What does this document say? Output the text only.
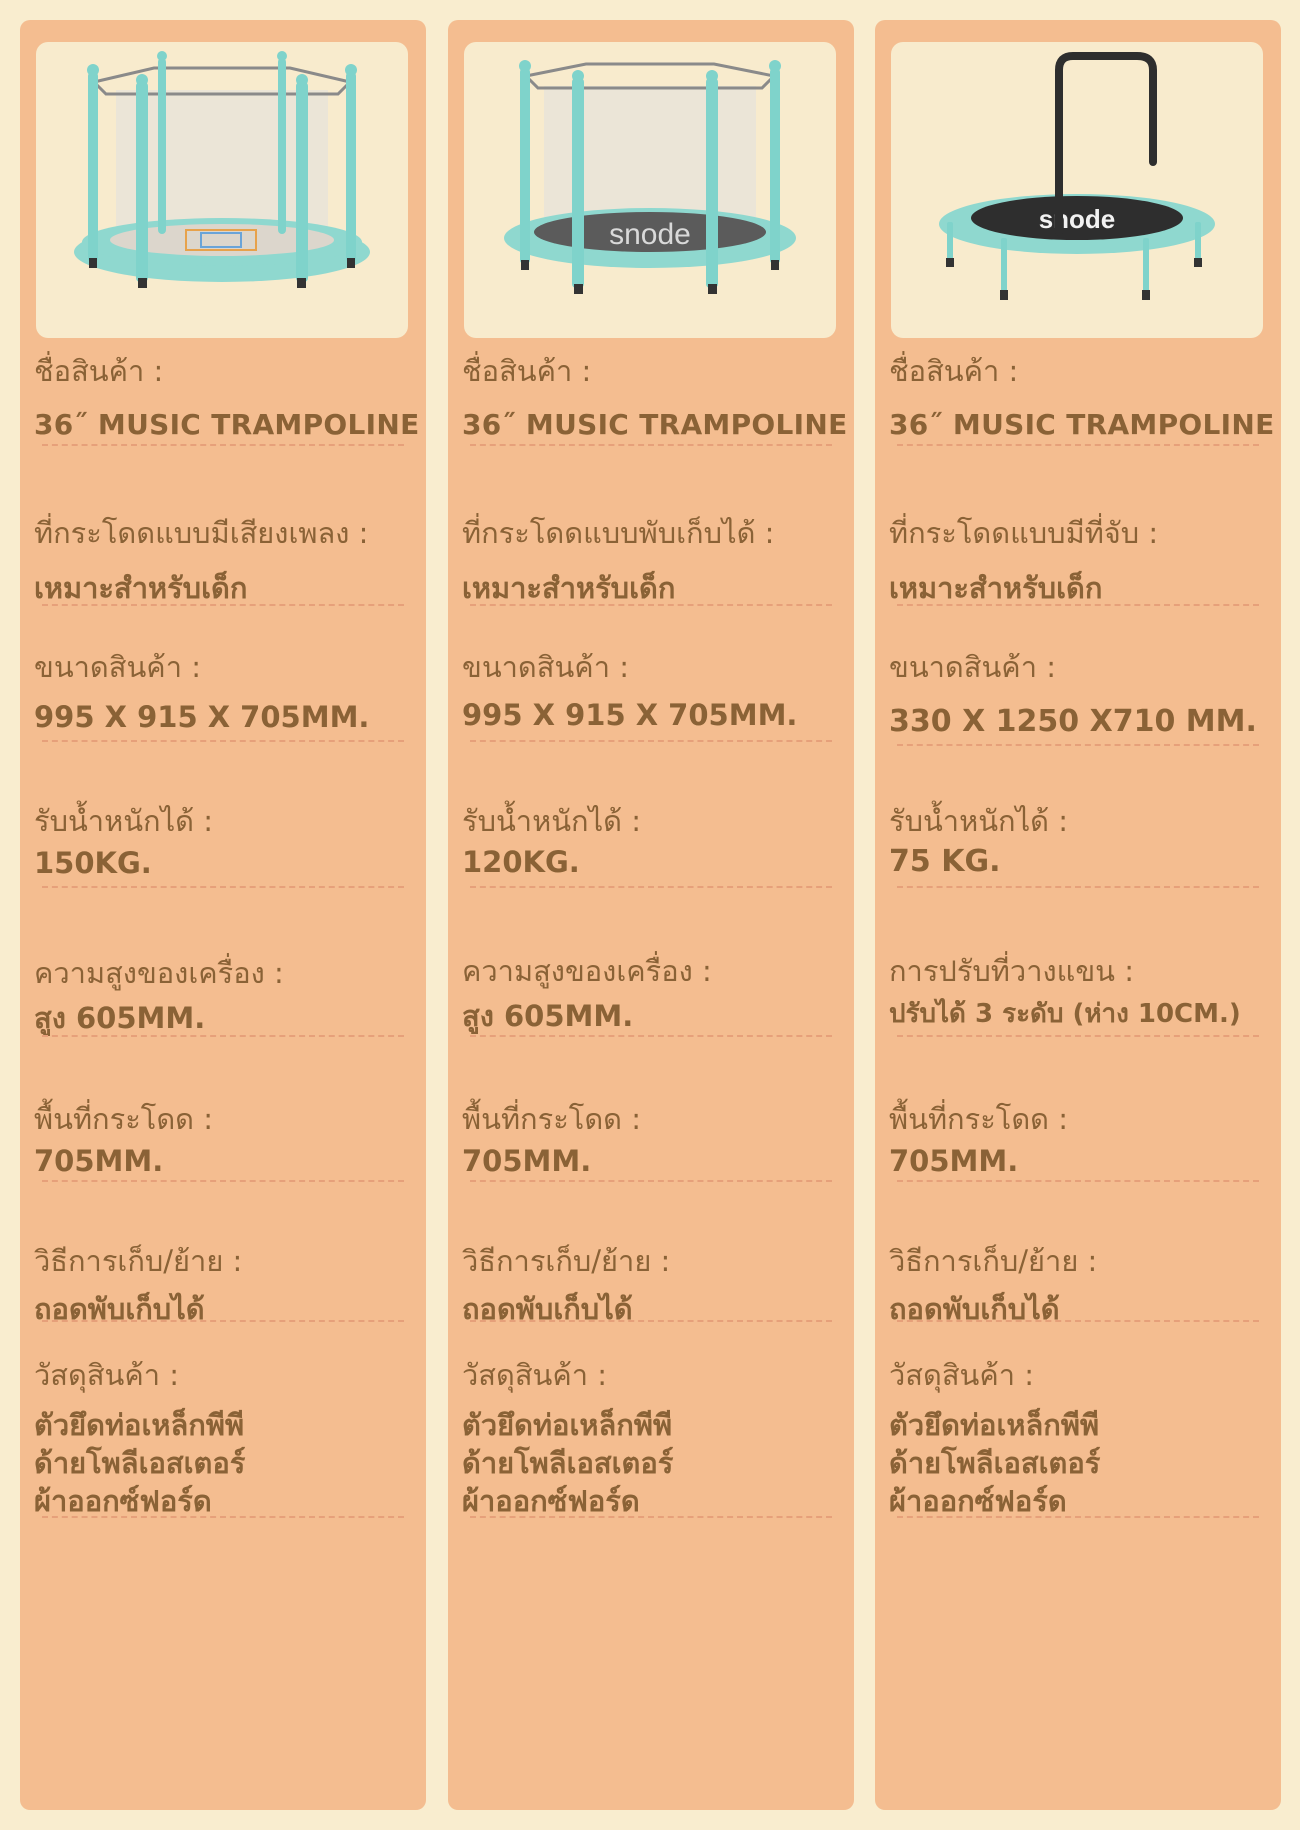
ชื่อสินค้า :
36˝ MUSIC TRAMPOLINE
ที่กระโดดแบบมีเสียงเพลง :
เหมาะสำหรับเด็ก
ขนาดสินค้า :
995 X 915 X 705MM.
รับน้ำหนักได้ :
150KG.
ความสูงของเครื่อง :
สูง 605MM.
พื้นที่กระโดด :
705MM.
วิธีการเก็บ/ย้าย :
ถอดพับเก็บได้
วัสดุสินค้า :
ตัวยึดท่อเหล็กพีพี
ด้ายโพลีเอสเตอร์
ผ้าออกซ์ฟอร์ด
snode
ชื่อสินค้า :
36˝ MUSIC TRAMPOLINE
ที่กระโดดแบบพับเก็บได้ :
เหมาะสำหรับเด็ก
ขนาดสินค้า :
995 X 915 X 705MM.
รับน้ำหนักได้ :
120KG.
ความสูงของเครื่อง :
สูง 605MM.
พื้นที่กระโดด :
705MM.
วิธีการเก็บ/ย้าย :
ถอดพับเก็บได้
วัสดุสินค้า :
ตัวยึดท่อเหล็กพีพี
ด้ายโพลีเอสเตอร์
ผ้าออกซ์ฟอร์ด
snode
ชื่อสินค้า :
36˝ MUSIC TRAMPOLINE
ที่กระโดดแบบมีที่จับ :
เหมาะสำหรับเด็ก
ขนาดสินค้า :
330 X 1250 X710 MM.
รับน้ำหนักได้ :
75 KG.
การปรับที่วางแขน :
ปรับได้ 3 ระดับ (ห่าง 10CM.)
พื้นที่กระโดด :
705MM.
วิธีการเก็บ/ย้าย :
ถอดพับเก็บได้
วัสดุสินค้า :
ตัวยึดท่อเหล็กพีพี
ด้ายโพลีเอสเตอร์
ผ้าออกซ์ฟอร์ด
